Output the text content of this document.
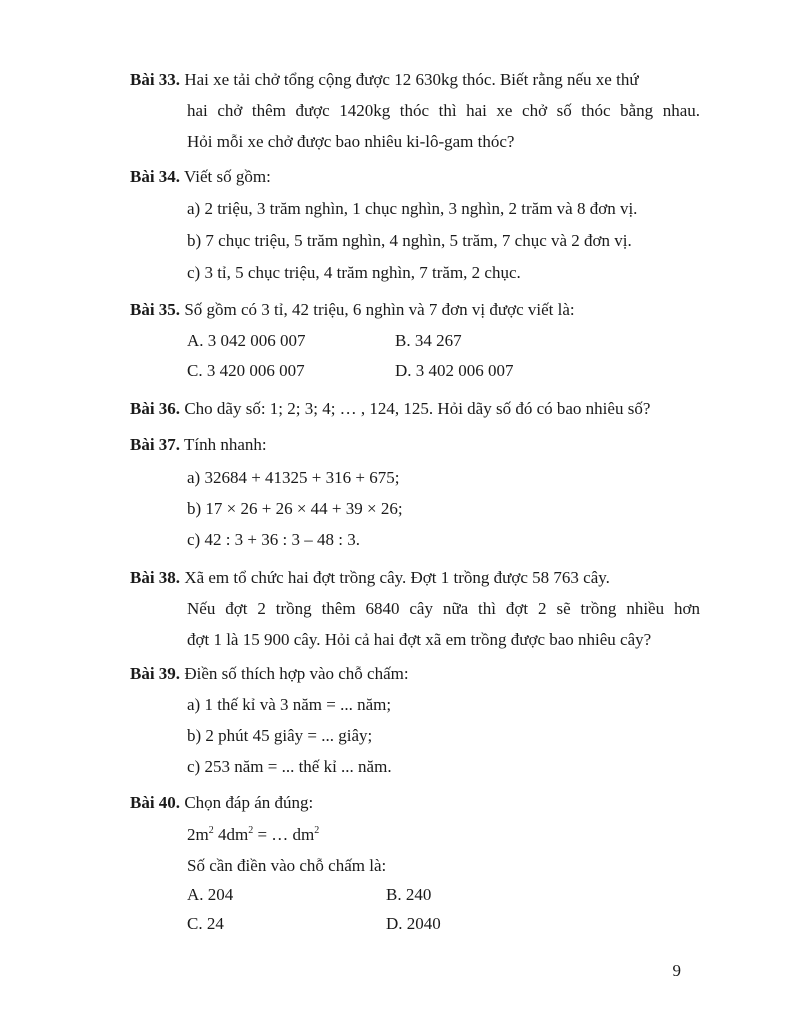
Bài 33. Hai xe tải chở tổng cộng được 12 630kg thóc. Biết rằng nếu xe thứ
hai chở thêm được 1420kg thóc thì hai xe chở số thóc bằng nhau.
Hỏi mỗi xe chở được bao nhiêu ki-lô-gam thóc?
Bài 34. Viết số gồm:
a) 2 triệu, 3 trăm nghìn, 1 chục nghìn, 3 nghìn, 2 trăm và 8 đơn vị.
b) 7 chục triệu, 5 trăm nghìn, 4 nghìn, 5 trăm, 7 chục và 2 đơn vị.
c) 3 tỉ, 5 chục triệu, 4 trăm nghìn, 7 trăm, 2 chục.
Bài 35. Số gồm có 3 tỉ, 42 triệu, 6 nghìn và 7 đơn vị được viết là:
A. 3 042 006 007	B. 34 267
C. 3 420 006 007	D. 3 402 006 007
Bài 36. Cho dãy số: 1; 2; 3; 4; … , 124, 125. Hỏi dãy số đó có bao nhiêu số?
Bài 37. Tính nhanh:
a) 32684 + 41325 + 316 + 675;
b) 17 × 26 + 26 × 44 + 39 × 26;
c) 42 : 3 + 36 : 3 – 48 : 3.
Bài 38. Xã em tổ chức hai đợt trồng cây. Đợt 1 trồng được 58 763 cây.
Nếu đợt 2 trồng thêm 6840 cây nữa thì đợt 2 sẽ trồng nhiều hơn
đợt 1 là 15 900 cây. Hỏi cả hai đợt xã em trồng được bao nhiêu cây?
Bài 39. Điền số thích hợp vào chỗ chấm:
a) 1 thế kỉ và 3 năm = ... năm;
b) 2 phút 45 giây = ... giây;
c) 253 năm = ... thế kỉ ... năm.
Bài 40. Chọn đáp án đúng:
$2m^2$ $4dm^2$ = … $dm^2$
Số cần điền vào chỗ chấm là:
A. 204	B. 240
C. 24	D. 2040
9
